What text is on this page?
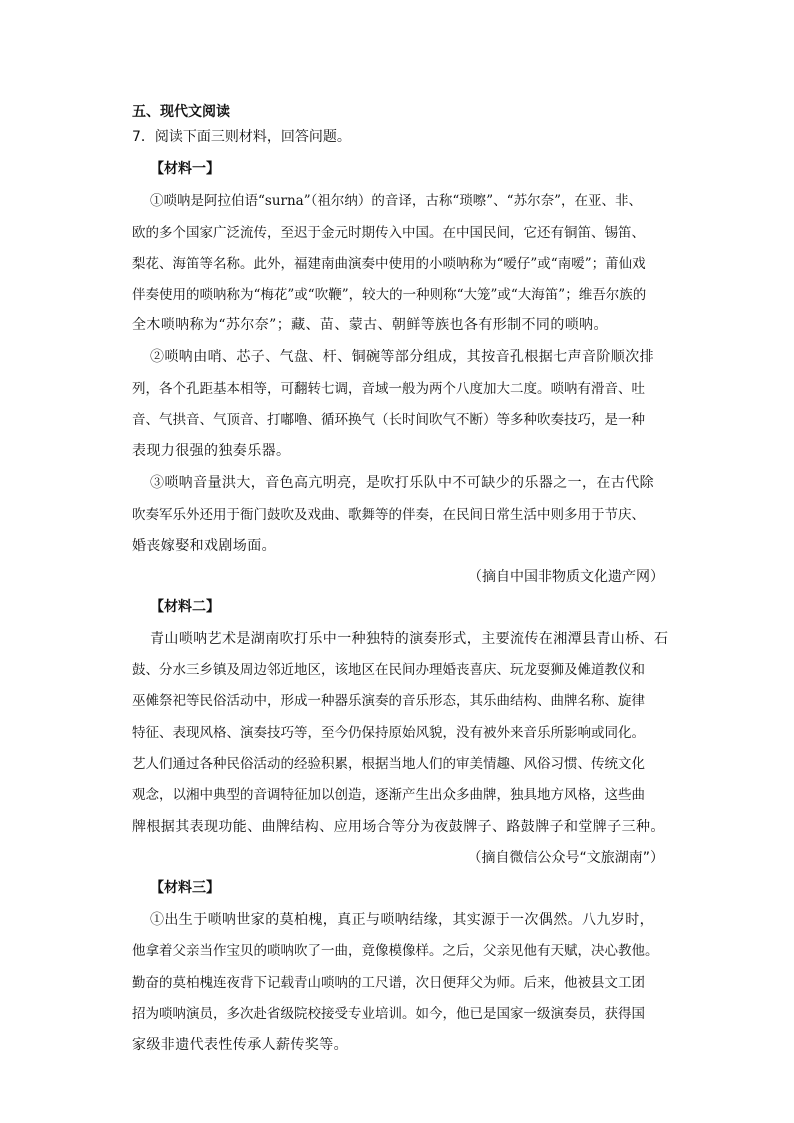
五、现代文阅读
7．阅读下面三则材料，回答问题。
【材料一】
①唢呐是阿拉伯语“surna”（祖尔纳）的音译，古称“琐嚓”、“苏尔奈”，在亚、非、
欧的多个国家广泛流传，至迟于金元时期传入中国。在中国民间，它还有铜笛、锡笛、
梨花、海笛等名称。此外，福建南曲演奏中使用的小唢呐称为“嗳仔”或“南嗳”；莆仙戏
伴奏使用的唢呐称为“梅花”或“吹鞭”，较大的一种则称“大笼”或“大海笛”；维吾尔族的
全木唢呐称为“苏尔奈”；藏、苗、蒙古、朝鲜等族也各有形制不同的唢呐。
②唢呐由哨、芯子、气盘、杆、铜碗等部分组成，其按音孔根据七声音阶顺次排
列，各个孔距基本相等，可翻转七调，音域一般为两个八度加大二度。唢呐有滑音、吐
音、气拱音、气顶音、打嘟噜、循环换气（长时间吹气不断）等多种吹奏技巧，是一种
表现力很强的独奏乐器。
③唢呐音量洪大，音色高亢明亮，是吹打乐队中不可缺少的乐器之一，在古代除
吹奏军乐外还用于衙门鼓吹及戏曲、歌舞等的伴奏，在民间日常生活中则多用于节庆、
婚丧嫁娶和戏剧场面。
（摘自中国非物质文化遗产网）
【材料二】
青山唢呐艺术是湖南吹打乐中一种独特的演奏形式，主要流传在湘潭县青山桥、石
鼓、分水三乡镇及周边邻近地区，该地区在民间办理婚丧喜庆、玩龙耍狮及傩道教仪和
巫傩祭祀等民俗活动中，形成一种器乐演奏的音乐形态，其乐曲结构、曲牌名称、旋律
特征、表现风格、演奏技巧等，至今仍保持原始风貌，没有被外来音乐所影响或同化。
艺人们通过各种民俗活动的经验积累，根据当地人们的审美情趣、风俗习惯、传统文化
观念，以湘中典型的音调特征加以创造，逐渐产生出众多曲牌，独具地方风格，这些曲
牌根据其表现功能、曲牌结构、应用场合等分为夜鼓牌子、路鼓牌子和堂牌子三种。
（摘自微信公众号“文旅湖南”）
【材料三】
①出生于唢呐世家的莫柏槐，真正与唢呐结缘，其实源于一次偶然。八九岁时，
他拿着父亲当作宝贝的唢呐吹了一曲，竟像模像样。之后，父亲见他有天赋，决心教他。
勤奋的莫柏槐连夜背下记载青山唢呐的工尺谱，次日便拜父为师。后来，他被县文工团
招为唢呐演员，多次赴省级院校接受专业培训。如今，他已是国家一级演奏员，获得国
家级非遗代表性传承人薪传奖等。
